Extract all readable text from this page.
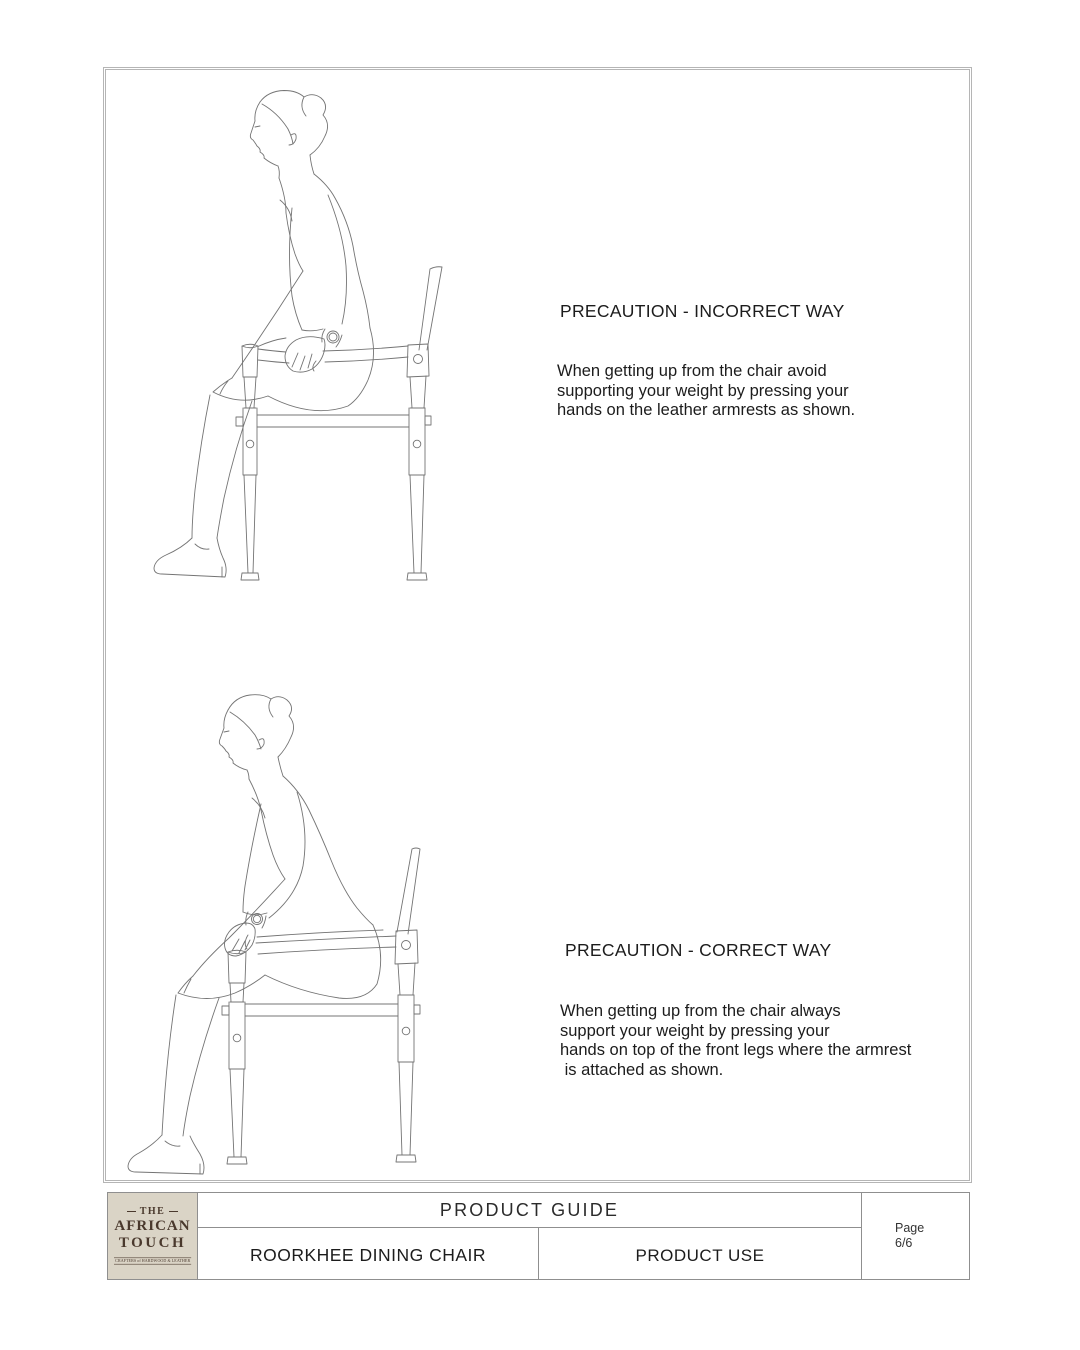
PRECAUTION - INCORRECT WAY
When getting up from the chair avoid
supporting your weight by pressing your
hands on the leather armrests as shown.
PRECAUTION - CORRECT WAY
When getting up from the chair always
support your weight by pressing your
hands on top of the front legs where the armrest
is attached as shown.
THE
AFRICAN
TOUCH
CRAFTERS of HARDWOOD & LEATHER
PRODUCT GUIDE
ROORKHEE DINING CHAIR	PRODUCT USE
Page
6/6
